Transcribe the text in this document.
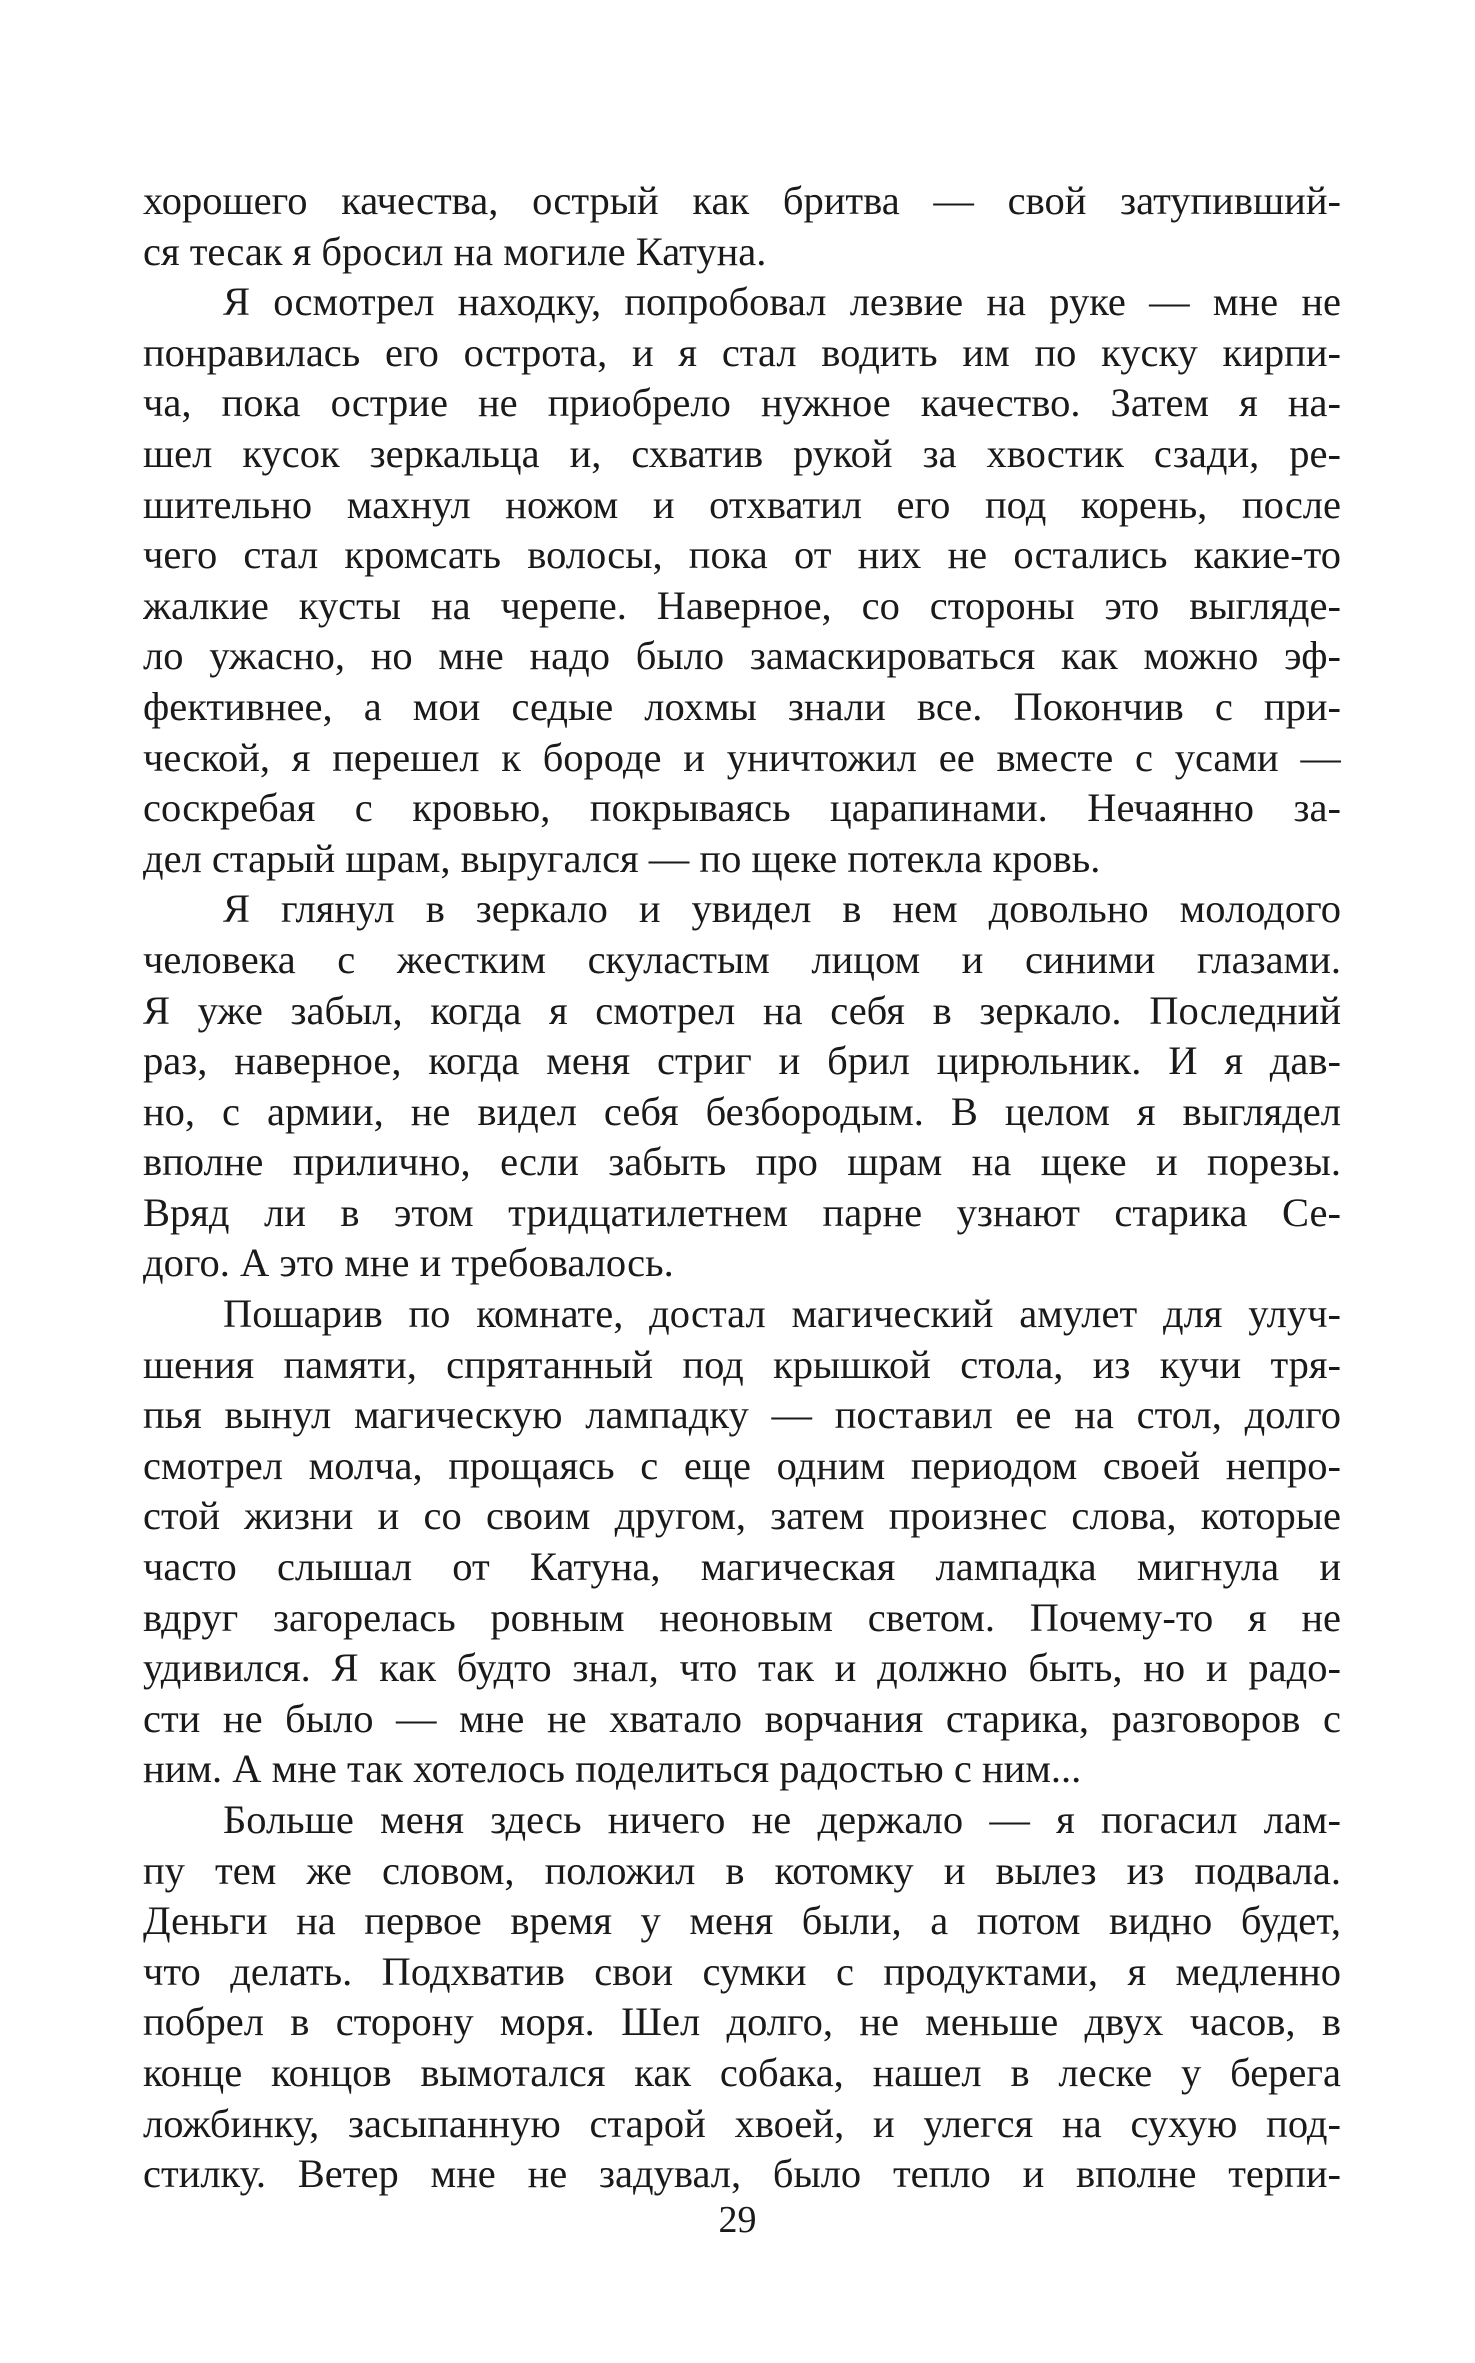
хорошего качества, острый как бритва — свой затупивший-
ся тесак я бросил на могиле Катуна.
Я осмотрел находку, попробовал лезвие на руке — мне не
понравилась его острота, и я стал водить им по куску кирпи-
ча, пока острие не приобрело нужное качество. Затем я на-
шел кусок зеркальца и, схватив рукой за хвостик сзади, ре-
шительно махнул ножом и отхватил его под корень, после
чего стал кромсать волосы, пока от них не остались какие-то
жалкие кусты на черепе. Наверное, со стороны это выгляде-
ло ужасно, но мне надо было замаскироваться как можно эф-
фективнее, а мои седые лохмы знали все. Покончив с при-
ческой, я перешел к бороде и уничтожил ее вместе с усами —
соскребая с кровью, покрываясь царапинами. Нечаянно за-
дел старый шрам, выругался — по щеке потекла кровь.
Я глянул в зеркало и увидел в нем довольно молодого
человека с жестким скуластым лицом и синими глазами.
Я уже забыл, когда я смотрел на себя в зеркало. Последний
раз, наверное, когда меня стриг и брил цирюльник. И я дав-
но, с армии, не видел себя безбородым. В целом я выглядел
вполне прилично, если забыть про шрам на щеке и порезы.
Вряд ли в этом тридцатилетнем парне узнают старика Се-
дого. А это мне и требовалось.
Пошарив по комнате, достал магический амулет для улуч-
шения памяти, спрятанный под крышкой стола, из кучи тря-
пья вынул магическую лампадку — поставил ее на стол, долго
смотрел молча, прощаясь с еще одним периодом своей непро-
стой жизни и со своим другом, затем произнес слова, которые
часто слышал от Катуна, магическая лампадка мигнула и
вдруг загорелась ровным неоновым светом. Почему-то я не
удивился. Я как будто знал, что так и должно быть, но и радо-
сти не было — мне не хватало ворчания старика, разговоров с
ним. А мне так хотелось поделиться радостью с ним...
Больше меня здесь ничего не держало — я погасил лам-
пу тем же словом, положил в котомку и вылез из подвала.
Деньги на первое время у меня были, а потом видно будет,
что делать. Подхватив свои сумки с продуктами, я медленно
побрел в сторону моря. Шел долго, не меньше двух часов, в
конце концов вымотался как собака, нашел в леске у берега
ложбинку, засыпанную старой хвоей, и улегся на сухую под-
стилку. Ветер мне не задувал, было тепло и вполне терпи-
29
